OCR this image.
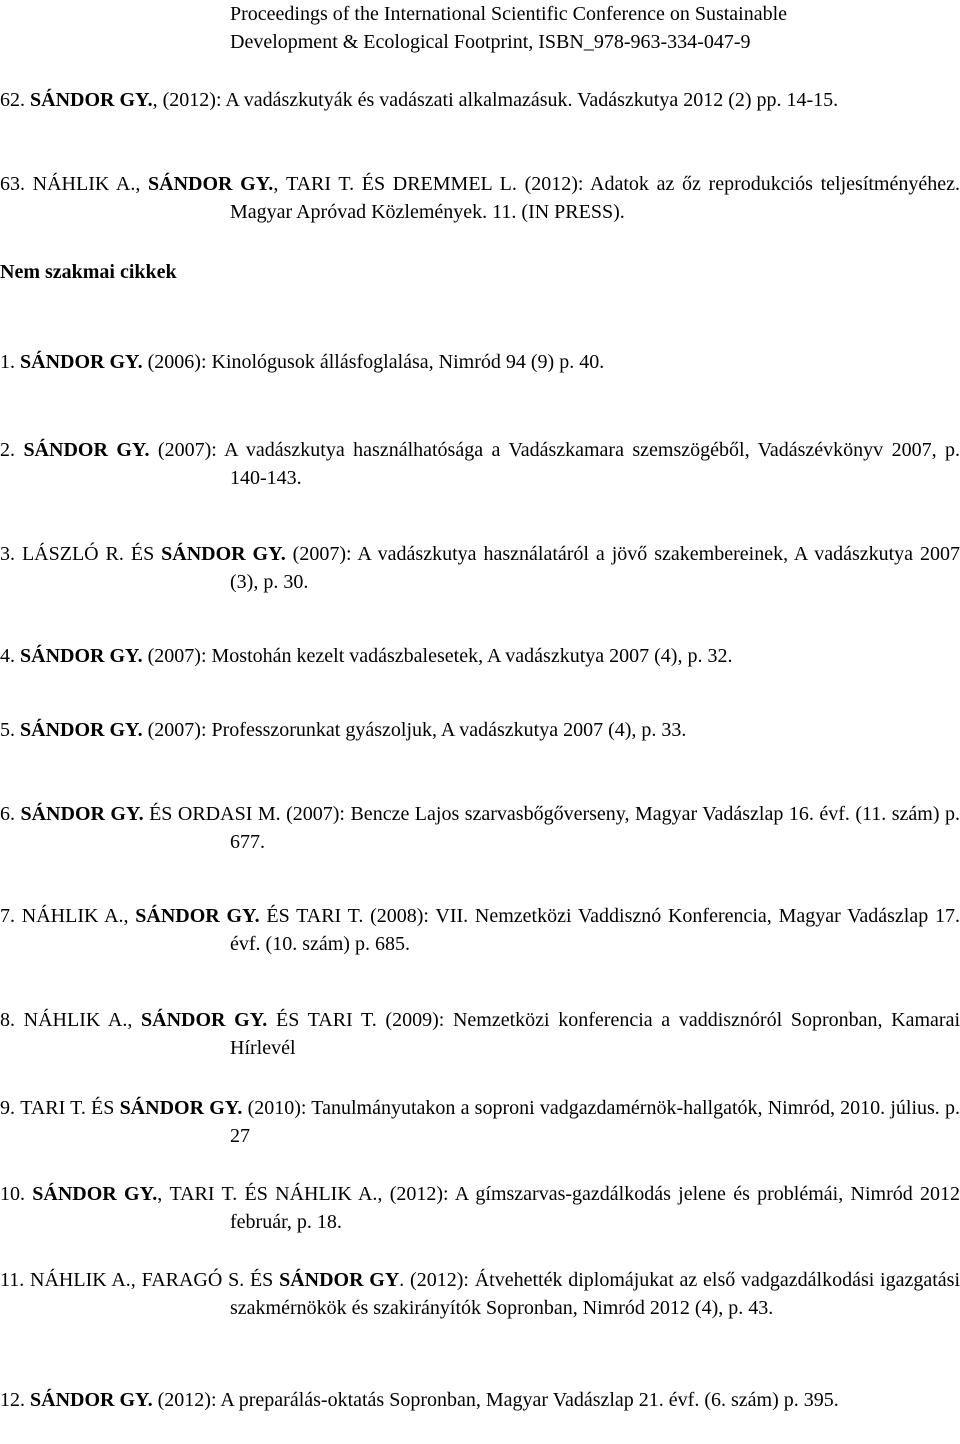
Proceedings of the International Scientific Conference on Sustainable
Development & Ecological Footprint, ISBN_978-963-334-047-9
62. SÁNDOR GY., (2012): A vadászkutyák és vadászati alkalmazásuk. Vadászkutya 2012 (2) pp. 14-15.
63. NÁHLIK A., SÁNDOR GY., TARI T. ÉS DREMMEL L. (2012): Adatok az őz reprodukciós teljesítményéhez. Magyar Apróvad Közlemények. 11. (IN PRESS).
Nem szakmai cikkek
1. SÁNDOR GY. (2006): Kinológusok állásfoglalása, Nimród 94 (9) p. 40.
2. SÁNDOR GY. (2007): A vadászkutya használhatósága a Vadászkamara szemszögéből, Vadászévkönyv 2007, p. 140-143.
3. LÁSZLÓ R. ÉS SÁNDOR GY. (2007): A vadászkutya használatáról a jövő szakembereinek, A vadászkutya 2007 (3), p. 30.
4. SÁNDOR GY. (2007): Mostohán kezelt vadászbalesetek, A vadászkutya 2007 (4), p. 32.
5. SÁNDOR GY. (2007): Professzorunkat gyászoljuk, A vadászkutya 2007 (4), p. 33.
6. SÁNDOR GY. ÉS ORDASI M. (2007): Bencze Lajos szarvasbőgőverseny, Magyar Vadászlap 16. évf. (11. szám) p. 677.
7. NÁHLIK A., SÁNDOR GY. ÉS TARI T. (2008): VII. Nemzetközi Vaddisznó Konferencia, Magyar Vadászlap 17. évf. (10. szám) p. 685.
8. NÁHLIK A., SÁNDOR GY. ÉS TARI T. (2009): Nemzetközi konferencia a vaddisznóról Sopronban, Kamarai Hírlevél
9. TARI T. ÉS SÁNDOR GY. (2010): Tanulmányutakon a soproni vadgazdamérnök-hallgatók, Nimród, 2010. július. p. 27
10. SÁNDOR GY., TARI T. ÉS NÁHLIK A., (2012): A gímszarvas-gazdálkodás jelene és problémái, Nimród 2012 február, p. 18.
11. NÁHLIK A., FARAGÓ S. ÉS SÁNDOR GY. (2012): Átvehették diplomájukat az első vadgazdálkodási igazgatási szakmérnökök és szakirányítók Sopronban, Nimród 2012 (4), p. 43.
12. SÁNDOR GY. (2012): A preparálás-oktatás Sopronban, Magyar Vadászlap 21. évf. (6. szám) p. 395.
